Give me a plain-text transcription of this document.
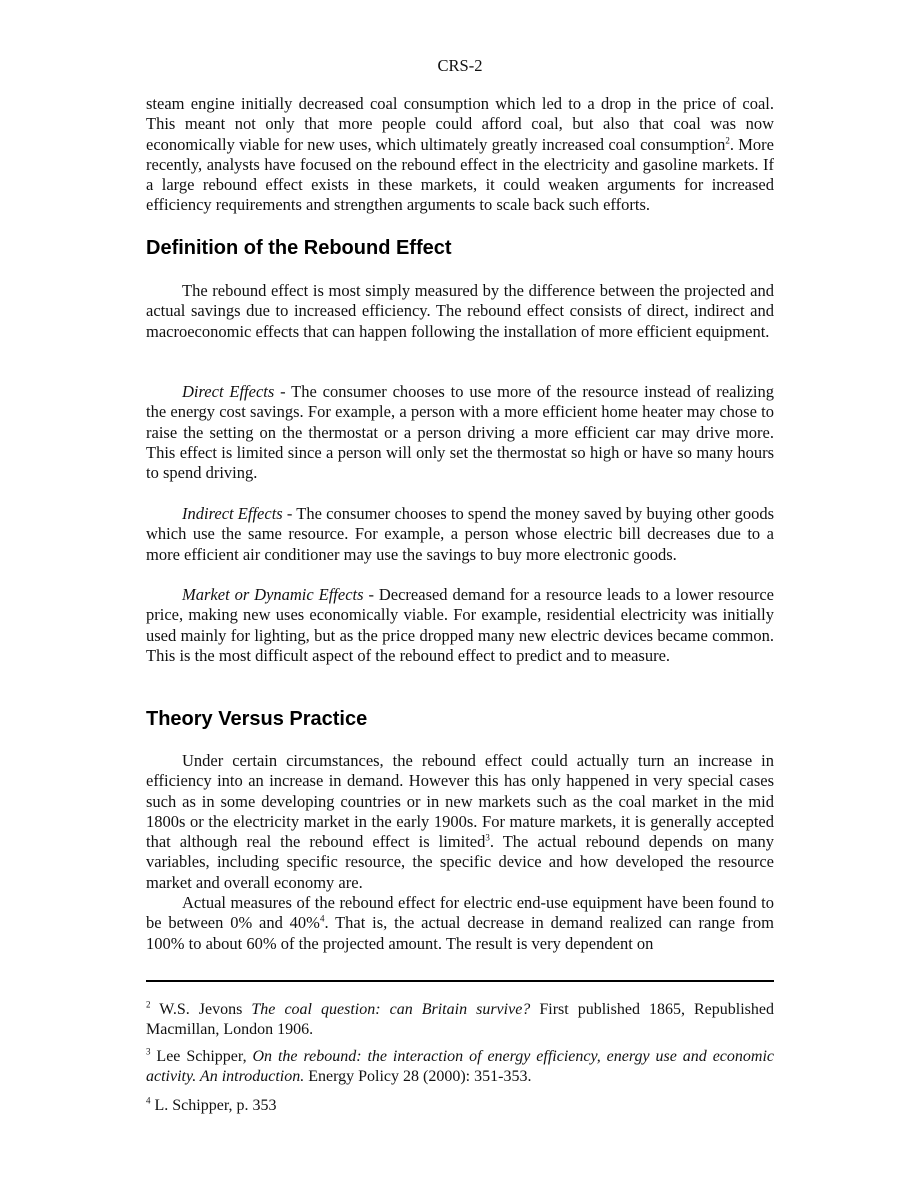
CRS-2

steam engine initially decreased coal consumption which led to a drop in the price of coal. This meant not only that more people could afford coal, but also that coal was now economically viable for new uses, which ultimately greatly increased coal consumption$^2$. More recently, analysts have focused on the rebound effect in the electricity and gasoline markets. If a large rebound effect exists in these markets, it could weaken arguments for increased efficiency requirements and strengthen arguments to scale back such efforts.

Definition of the Rebound Effect

The rebound effect is most simply measured by the difference between the projected and actual savings due to increased efficiency. The rebound effect consists of direct, indirect and macroeconomic effects that can happen following the installation of more efficient equipment.

Direct Effects - The consumer chooses to use more of the resource instead of realizing the energy cost savings. For example, a person with a more efficient home heater may chose to raise the setting on the thermostat or a person driving a more efficient car may drive more. This effect is limited since a person will only set the thermostat so high or have so many hours to spend driving.

Indirect Effects - The consumer chooses to spend the money saved by buying other goods which use the same resource. For example, a person whose electric bill decreases due to a more efficient air conditioner may use the savings to buy more electronic goods.

Market or Dynamic Effects - Decreased demand for a resource leads to a lower resource price, making new uses economically viable. For example, residential electricity was initially used mainly for lighting, but as the price dropped many new electric devices became common. This is the most difficult aspect of the rebound effect to predict and to measure.

Theory Versus Practice

Under certain circumstances, the rebound effect could actually turn an increase in efficiency into an increase in demand. However this has only happened in very special cases such as in some developing countries or in new markets such as the coal market in the mid 1800s or the electricity market in the early 1900s. For mature markets, it is generally accepted that although real the rebound effect is limited$^3$. The actual rebound depends on many variables, including specific resource, the specific device and how developed the resource market and overall economy are.

Actual measures of the rebound effect for electric end-use equipment have been found to be between 0% and 40%$^4$. That is, the actual decrease in demand realized can range from 100% to about 60% of the projected amount. The result is very dependent on

$^2$ W.S. Jevons The coal question: can Britain survive? First published 1865, Republished Macmillan, London 1906.

$^3$ Lee Schipper, On the rebound: the interaction of energy efficiency, energy use and economic activity. An introduction. Energy Policy 28 (2000): 351-353.

$^4$ L. Schipper, p. 353
